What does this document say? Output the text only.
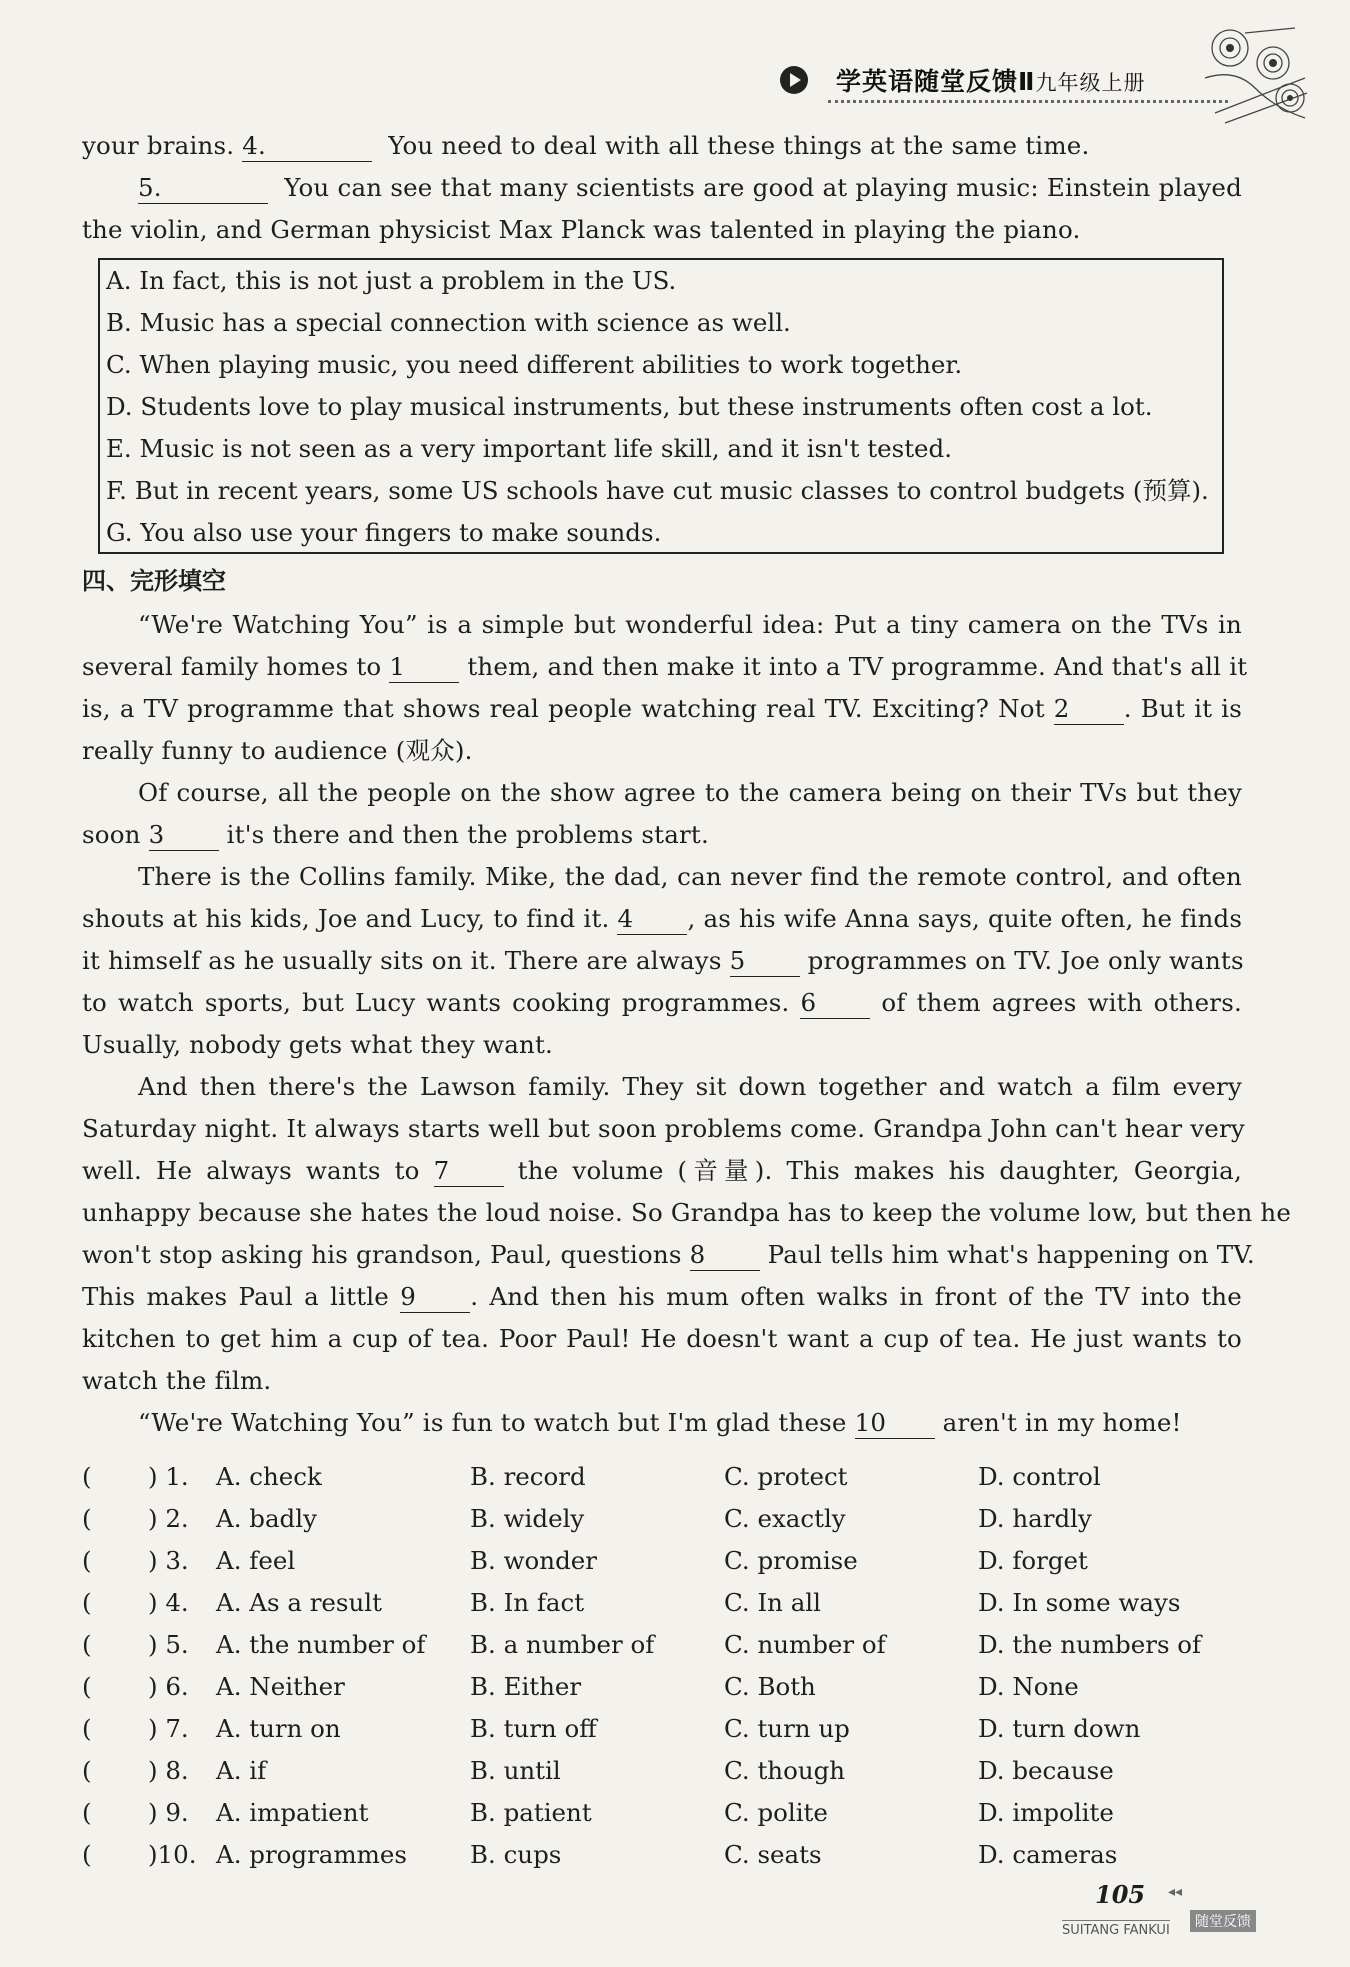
学英语随堂反馈Ⅱ九年级上册
your brains. 4.	You need to deal with all these things at the same time.
5.	You can see that many scientists are good at playing music: Einstein played
the violin, and German physicist Max Planck was talented in playing the piano.
A. In fact, this is not just a problem in the US.
B. Music has a special connection with science as well.
C. When playing music, you need different abilities to work together.
D. Students love to play musical instruments, but these instruments often cost a lot.
E. Music is not seen as a very important life skill, and it isn't tested.
F. But in recent years, some US schools have cut music classes to control budgets (预算).
G. You also use your fingers to make sounds.
四、完形填空
“We're Watching You” is a simple but wonderful idea: Put a tiny camera on the TVs in
several family homes to 1	them, and then make it into a TV programme. And that's all it
is, a TV programme that shows real people watching real TV. Exciting? Not 2 . But it is
really funny to audience (观众).
Of course, all the people on the show agree to the camera being on their TVs but they
soon 3	it's there and then the problems start.
There is the Collins family. Mike, the dad, can never find the remote control, and often
shouts at his kids, Joe and Lucy, to find it. 4 , as his wife Anna says, quite often, he finds
it himself as he usually sits on it. There are always 5	programmes on TV. Joe only wants
to watch sports, but Lucy wants cooking programmes. 6	of them agrees with others.
Usually, nobody gets what they want.
And then there's the Lawson family. They sit down together and watch a film every
Saturday night. It always starts well but soon problems come. Grandpa John can't hear very
well. He always wants to 7	the volume (音量). This makes his daughter, Georgia,
unhappy because she hates the loud noise. So Grandpa has to keep the volume low, but then he
won't stop asking his grandson, Paul, questions 8	Paul tells him what's happening on TV.
This makes Paul a little 9 . And then his mum often walks in front of the TV into the
kitchen to get him a cup of tea. Poor Paul! He doesn't want a cup of tea. He just wants to
watch the film.
“We're Watching You” is fun to watch but I'm glad these 10 aren't in my home!
( ) 1. A. check	B. record	C. protect	D. control
( ) 2. A. badly	B. widely	C. exactly	D. hardly
( ) 3. A. feel	B. wonder	C. promise	D. forget
( ) 4. A. As a result	B. In fact	C. In all	D. In some ways
( ) 5. A. the number of B. a number of	C. number of	D. the numbers of
( ) 6. A. Neither	B. Either	C. Both	D. None
( ) 7. A. turn on	B. turn off	C. turn up	D. turn down
( ) 8. A. if	B. until	C. though	D. because
( ) 9. A. impatient	B. patient	C. polite	D. impolite
( )10. A. programmes	B. cups	C. seats	D. cameras
105 ◂◂
SUITANG FANKUI
随堂反馈
